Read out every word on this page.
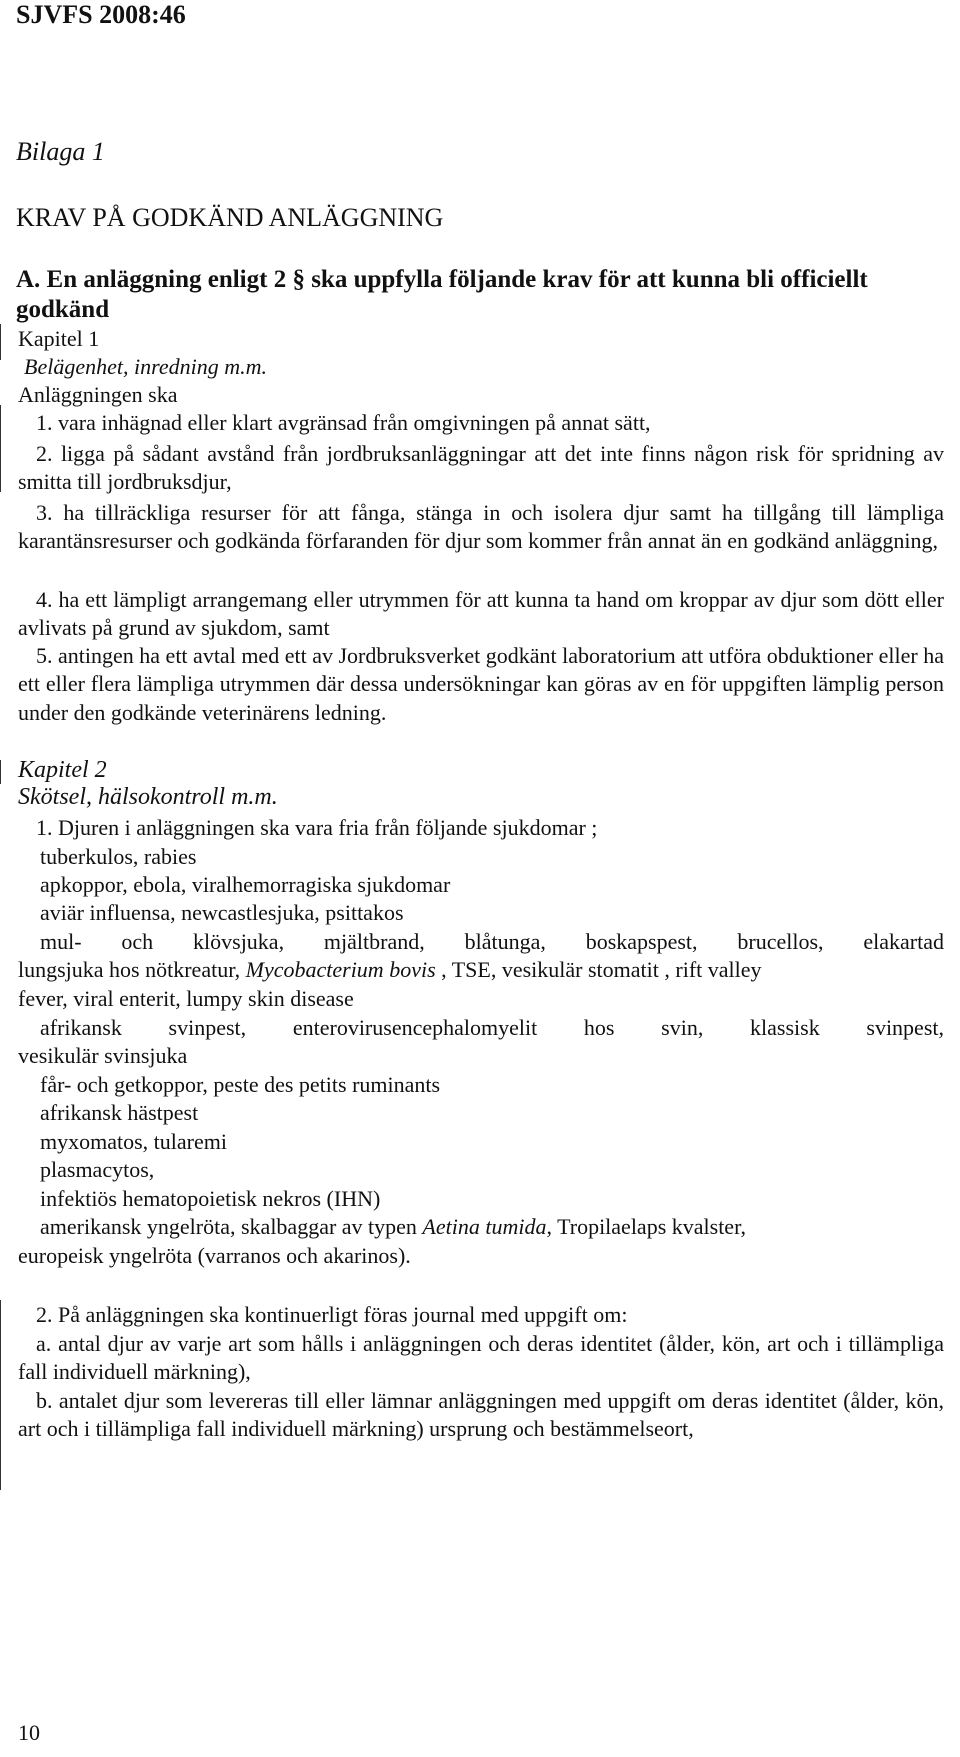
SJVFS 2008:46
Bilaga 1
KRAV PÅ GODKÄND ANLÄGGNING
A. En anläggning enligt 2 § ska uppfylla följande krav för att kunna bli officiellt godkänd
Kapitel 1
Belägenhet, inredning m.m.
Anläggningen ska
1. vara inhägnad eller klart avgränsad från omgivningen på annat sätt,
2. ligga på sådant avstånd från jordbruksanläggningar att det inte finns någon risk för spridning av smitta till jordbruksdjur,
3. ha tillräckliga resurser för att fånga, stänga in och isolera djur samt ha tillgång till lämpliga karantänsresurser och godkända förfaranden för djur som kommer från annat än en godkänd anläggning,
4. ha ett lämpligt arrangemang eller utrymmen för att kunna ta hand om kroppar av djur som dött eller avlivats på grund av sjukdom, samt
5. antingen ha ett avtal med ett av Jordbruksverket godkänt laboratorium att utföra obduktioner eller ha ett eller flera lämpliga utrymmen där dessa undersökningar kan göras av en för uppgiften lämplig person under den godkände veterinärens ledning.
Kapitel 2
Skötsel, hälsokontroll m.m.
1. Djuren i anläggningen ska vara fria från följande sjukdomar ;
tuberkulos, rabies
apkoppor, ebola, viralhemorragiska sjukdomar
aviär influensa, newcastlesjuka, psittakos
mul- och klövsjuka, mjältbrand, blåtunga, boskapspest, brucellos, elakartad
lungsjuka hos nötkreatur, Mycobacterium bovis , TSE, vesikulär stomatit , rift valley
fever, viral enterit, lumpy skin disease
afrikansk svinpest, enterovirusencephalomyelit hos svin, klassisk svinpest,
vesikulär svinsjuka
får- och getkoppor, peste des petits ruminants
afrikansk hästpest
myxomatos, tularemi
plasmacytos,
infektiös hematopoietisk nekros (IHN)
amerikansk yngelröta, skalbaggar av typen Aetina tumida, Tropilaelaps kvalster,
europeisk yngelröta (varranos och akarinos).
2. På anläggningen ska kontinuerligt föras journal med uppgift om:
a. antal djur av varje art som hålls i anläggningen och deras identitet (ålder, kön, art och i tillämpliga fall individuell märkning),
b. antalet djur som levereras till eller lämnar anläggningen med uppgift om deras identitet (ålder, kön, art och i tillämpliga fall individuell märkning) ursprung och bestämmelseort,
10
